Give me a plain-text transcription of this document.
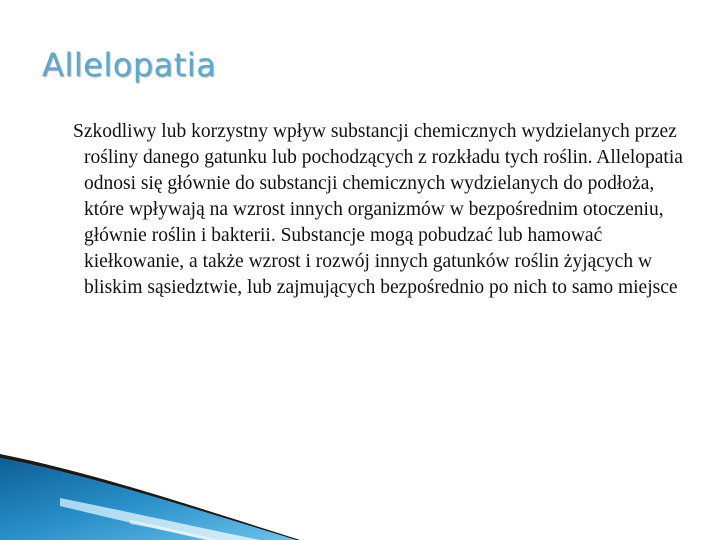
Allelopatia

Szkodliwy lub korzystny wpływ substancji chemicznych wydzielanych przez rośliny danego gatunku lub pochodzących z rozkładu tych roślin. Allelopatia odnosi się głównie do substancji chemicznych wydzielanych do podłoża, które wpływają na wzrost innych organizmów w bezpośrednim otoczeniu, głównie roślin i bakterii. Substancje mogą pobudzać lub hamować kiełkowanie, a także wzrost i rozwój innych gatunków roślin żyjących w bliskim sąsiedztwie, lub zajmujących bezpośrednio po nich to samo miejsce
